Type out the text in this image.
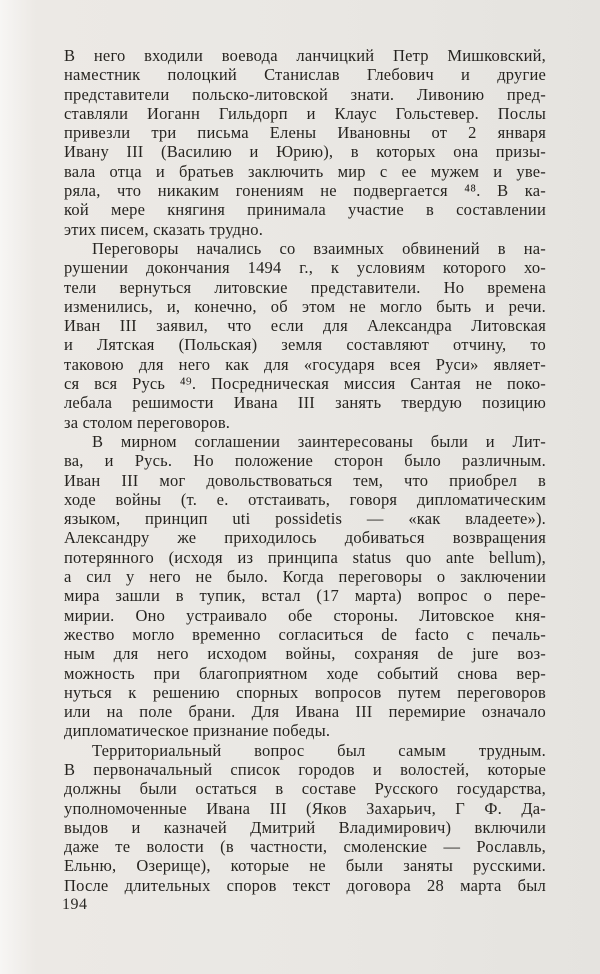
В него входили воевода ланчицкий Петр Мишковский,
наместник полоцкий Станислав Глебович и другие
представители польско-литовской знати. Ливонию пред-
ставляли Иоганн Гильдорп и Клаус Гольстевер. Послы
привезли три письма Елены Ивановны от 2 января
Ивану III (Василию и Юрию), в которых она призы-
вала отца и братьев заключить мир с ее мужем и уве-
ряла, что никаким гонениям не подвергается ⁴⁸. В ка-
кой мере княгиня принимала участие в составлении
этих писем, сказать трудно.
Переговоры начались со взаимных обвинений в на-
рушении докончания 1494 г., к условиям которого хо-
тели вернуться литовские представители. Но времена
изменились, и, конечно, об этом не могло быть и речи.
Иван III заявил, что если для Александра Литовская
и Лятская (Польская) земля составляют отчину, то
таковою для него как для «государя всея Руси» являет-
ся вся Русь ⁴⁹. Посредническая миссия Сантая не поко-
лебала решимости Ивана III занять твердую позицию
за столом переговоров.
В мирном соглашении заинтересованы были и Лит-
ва, и Русь. Но положение сторон было различным.
Иван III мог довольствоваться тем, что приобрел в
ходе войны (т. е. отстаивать, говоря дипломатическим
языком, принцип uti possidetis — «как владеете»).
Александру же приходилось добиваться возвращения
потерянного (исходя из принципа status quo ante bellum),
а сил у него не было. Когда переговоры о заключении
мира зашли в тупик, встал (17 марта) вопрос о пере-
мирии. Оно устраивало обе стороны. Литовское кня-
жество могло временно согласиться de facto с печаль-
ным для него исходом войны, сохраняя de jure воз-
можность при благоприятном ходе событий снова вер-
нуться к решению спорных вопросов путем переговоров
или на поле брани. Для Ивана III перемирие означало
дипломатическое признание победы.
Территориальный вопрос был самым трудным.
В первоначальный список городов и волостей, которые
должны были остаться в составе Русского государства,
уполномоченные Ивана III (Яков Захарьич, Г Ф. Да-
выдов и казначей Дмитрий Владимирович) включили
даже те волости (в частности, смоленские — Рославль,
Ельню, Озерище), которые не были заняты русскими.
После длительных споров текст договора 28 марта был
194
